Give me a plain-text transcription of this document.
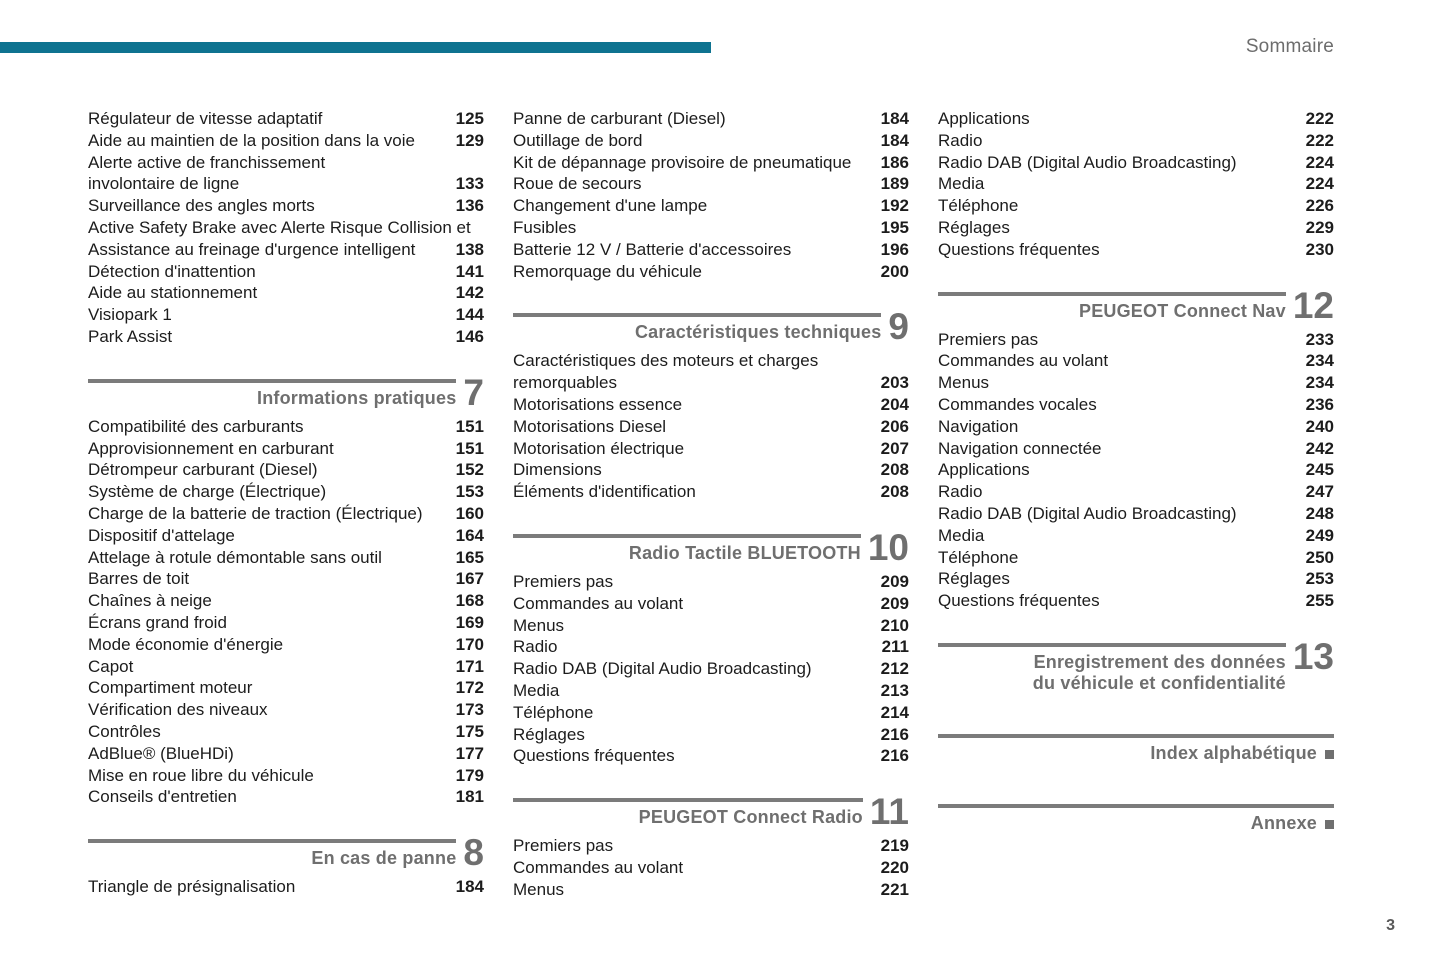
Sommaire
Régulateur de vitesse adaptatif	125
Aide au maintien de la position dans la voie 129
Alerte active de franchissement
involontaire de ligne	133
Surveillance des angles morts	136
Active Safety Brake avec Alerte Risque Collision et
Assistance au freinage d'urgence intelligent 138
Détection d'inattention	141
Aide au stationnement	142
Visiopark 1	144
Park Assist	146
Informations pratiques 7
Compatibilité des carburants	151
Approvisionnement en carburant	151
Détrompeur carburant (Diesel)	152
Système de charge (Électrique)	153
Charge de la batterie de traction (Électrique) 160
Dispositif d'attelage	164
Attelage à rotule démontable sans outil	165
Barres de toit	167
Chaînes à neige	168
Écrans grand froid	169
Mode économie d'énergie	170
Capot	171
Compartiment moteur	172
Vérification des niveaux	173
Contrôles	175
AdBlue® (BlueHDi)	177
Mise en roue libre du véhicule	179
Conseils d'entretien	181
En cas de panne 8
Triangle de présignalisation	184
Panne de carburant (Diesel)	184
Outillage de bord	184
Kit de dépannage provisoire de pneumatique 186
Roue de secours	189
Changement d'une lampe	192
Fusibles	195
Batterie 12 V / Batterie d'accessoires	196
Remorquage du véhicule	200
Caractéristiques techniques 9
Caractéristiques des moteurs et charges
remorquables	203
Motorisations essence	204
Motorisations Diesel	206
Motorisation électrique	207
Dimensions	208
Éléments d'identification	208
Radio Tactile BLUETOOTH 10
Premiers pas	209
Commandes au volant	209
Menus	210
Radio	211
Radio DAB (Digital Audio Broadcasting)	212
Media	213
Téléphone	214
Réglages	216
Questions fréquentes	216
PEUGEOT Connect Radio 11
Premiers pas	219
Commandes au volant	220
Menus	221
Applications	222
Radio	222
Radio DAB (Digital Audio Broadcasting)	224
Media	224
Téléphone	226
Réglages	229
Questions fréquentes	230
PEUGEOT Connect Nav 12
Premiers pas	233
Commandes au volant	234
Menus	234
Commandes vocales	236
Navigation	240
Navigation connectée	242
Applications	245
Radio	247
Radio DAB (Digital Audio Broadcasting)	248
Media	249
Téléphone	250
Réglages	253
Questions fréquentes	255
Enregistrement des données
du véhicule et confidentialité
13
Index alphabétique
Annexe
3
